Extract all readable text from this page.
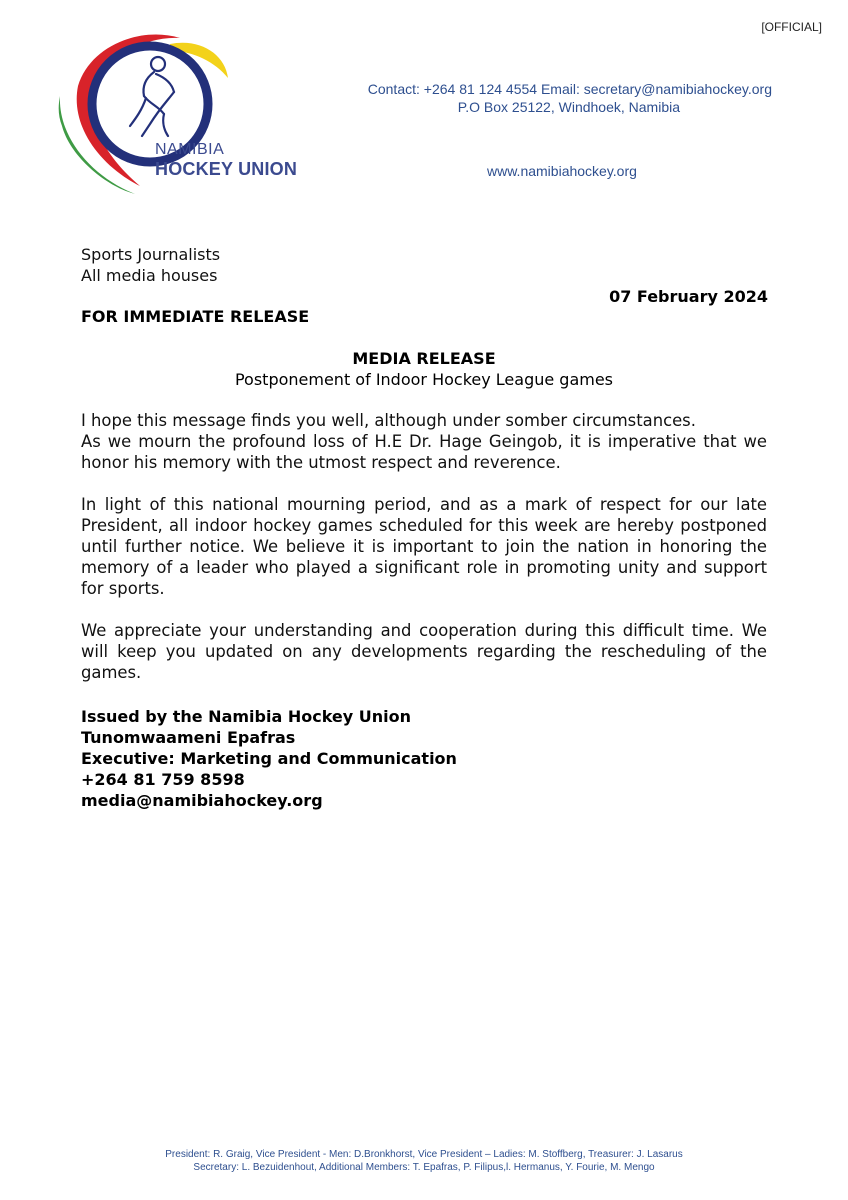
[OFFICIAL]
NAMIBIA
HOCKEY UNION
Contact: +264 81 124 4554 Email: secretary@namibiahockey.org
P.O Box 25122, Windhoek, Namibia
www.namibiahockey.org
Sports Journalists
All media houses
07 February 2024
FOR IMMEDIATE RELEASE
MEDIA RELEASE
Postponement of Indoor Hockey League games

I hope this message finds you well, although under somber circumstances.
As we mourn the profound loss of H.E Dr. Hage Geingob, it is imperative that we honor his memory with the utmost respect and reverence.

In light of this national mourning period, and as a mark of respect for our late President, all indoor hockey games scheduled for this week are hereby postponed until further notice. We believe it is important to join the nation in honoring the memory of a leader who played a significant role in promoting unity and support for sports.

We appreciate your understanding and cooperation during this difficult time. We will keep you updated on any developments regarding the rescheduling of the games.

Issued by the Namibia Hockey Union
Tunomwaameni Epafras
Executive: Marketing and Communication
+264 81 759 8598
media@namibiahockey.org
President: R. Graig, Vice President - Men: D.Bronkhorst, Vice President – Ladies: M. Stoffberg, Treasurer: J. Lasarus
Secretary: L. Bezuidenhout, Additional Members: T. Epafras, P. Filipus,l. Hermanus, Y. Fourie, M. Mengo
